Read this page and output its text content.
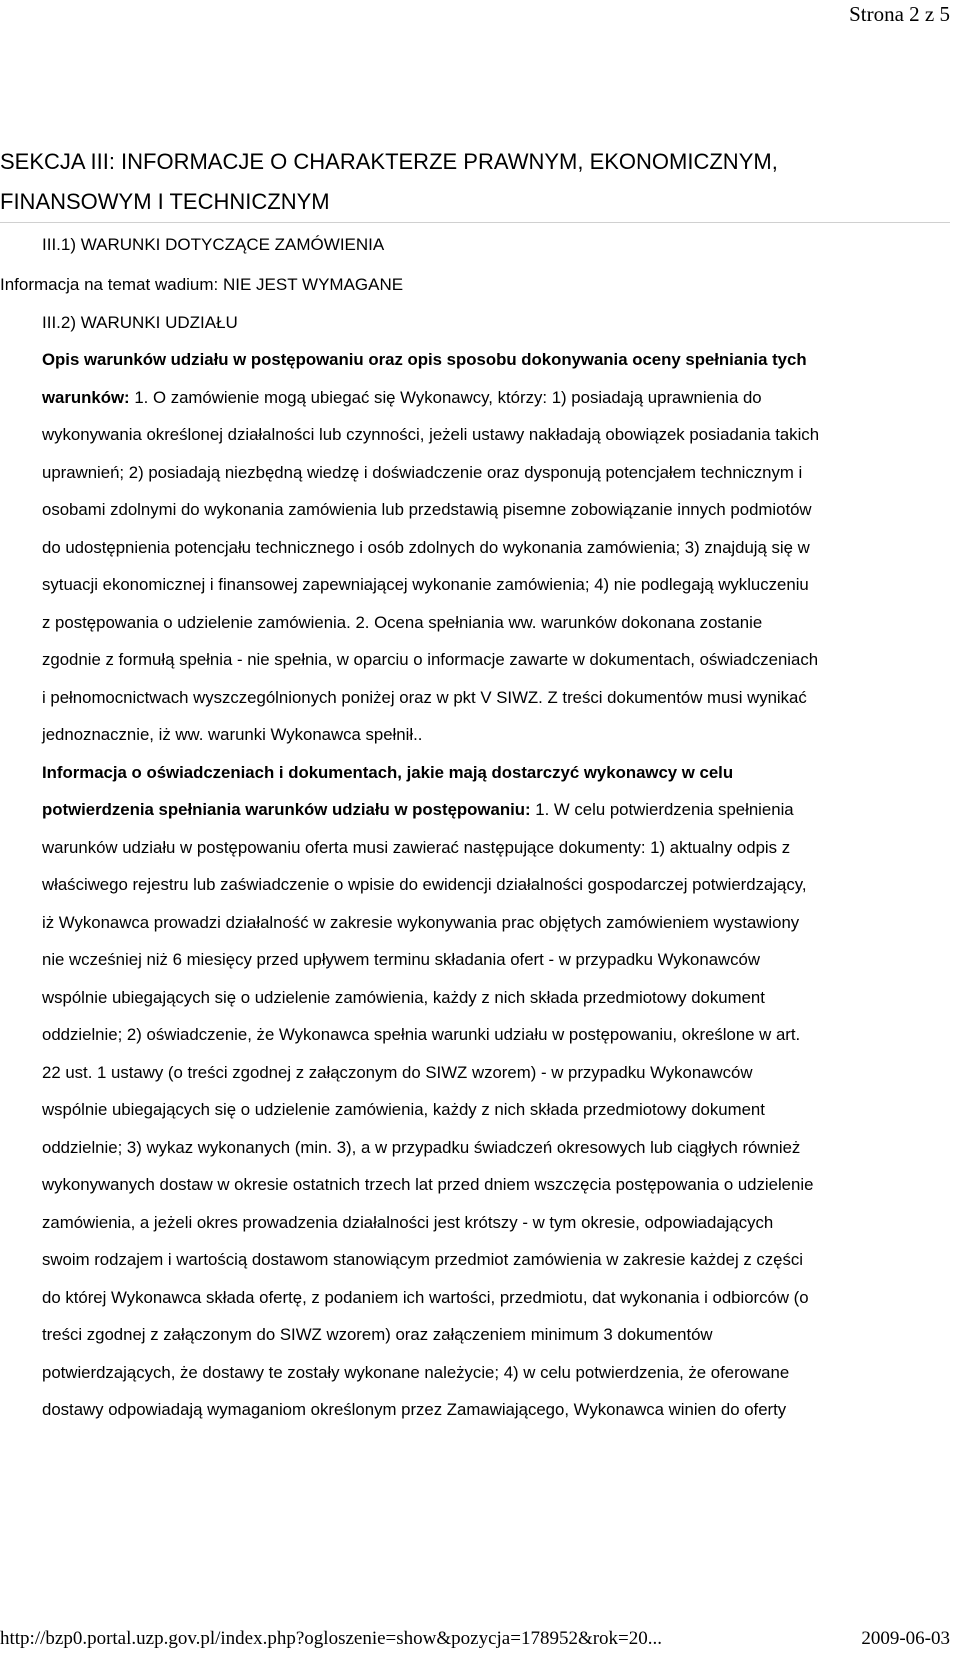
Strona 2 z 5
SEKCJA III: INFORMACJE O CHARAKTERZE PRAWNYM, EKONOMICZNYM,
FINANSOWYM I TECHNICZNYM
III.1) WARUNKI DOTYCZĄCE ZAMÓWIENIA
Informacja na temat wadium: NIE JEST WYMAGANE
III.2) WARUNKI UDZIAŁU
Opis warunków udziału w postępowaniu oraz opis sposobu dokonywania oceny spełniania tych
warunków: 1. O zamówienie mogą ubiegać się Wykonawcy, którzy: 1) posiadają uprawnienia do
wykonywania określonej działalności lub czynności, jeżeli ustawy nakładają obowiązek posiadania takich
uprawnień; 2) posiadają niezbędną wiedzę i doświadczenie oraz dysponują potencjałem technicznym i
osobami zdolnymi do wykonania zamówienia lub przedstawią pisemne zobowiązanie innych podmiotów
do udostępnienia potencjału technicznego i osób zdolnych do wykonania zamówienia; 3) znajdują się w
sytuacji ekonomicznej i finansowej zapewniającej wykonanie zamówienia; 4) nie podlegają wykluczeniu
z postępowania o udzielenie zamówienia. 2. Ocena spełniania ww. warunków dokonana zostanie
zgodnie z formułą spełnia - nie spełnia, w oparciu o informacje zawarte w dokumentach, oświadczeniach
i pełnomocnictwach wyszczególnionych poniżej oraz w pkt V SIWZ. Z treści dokumentów musi wynikać
jednoznacznie, iż ww. warunki Wykonawca spełnił..
Informacja o oświadczeniach i dokumentach, jakie mają dostarczyć wykonawcy w celu
potwierdzenia spełniania warunków udziału w postępowaniu: 1. W celu potwierdzenia spełnienia
warunków udziału w postępowaniu oferta musi zawierać następujące dokumenty: 1) aktualny odpis z
właściwego rejestru lub zaświadczenie o wpisie do ewidencji działalności gospodarczej potwierdzający,
iż Wykonawca prowadzi działalność w zakresie wykonywania prac objętych zamówieniem wystawiony
nie wcześniej niż 6 miesięcy przed upływem terminu składania ofert - w przypadku Wykonawców
wspólnie ubiegających się o udzielenie zamówienia, każdy z nich składa przedmiotowy dokument
oddzielnie; 2) oświadczenie, że Wykonawca spełnia warunki udziału w postępowaniu, określone w art.
22 ust. 1 ustawy (o treści zgodnej z załączonym do SIWZ wzorem) - w przypadku Wykonawców
wspólnie ubiegających się o udzielenie zamówienia, każdy z nich składa przedmiotowy dokument
oddzielnie; 3) wykaz wykonanych (min. 3), a w przypadku świadczeń okresowych lub ciągłych również
wykonywanych dostaw w okresie ostatnich trzech lat przed dniem wszczęcia postępowania o udzielenie
zamówienia, a jeżeli okres prowadzenia działalności jest krótszy - w tym okresie, odpowiadających
swoim rodzajem i wartością dostawom stanowiącym przedmiot zamówienia w zakresie każdej z części
do której Wykonawca składa ofertę, z podaniem ich wartości, przedmiotu, dat wykonania i odbiorców (o
treści zgodnej z załączonym do SIWZ wzorem) oraz załączeniem minimum 3 dokumentów
potwierdzających, że dostawy te zostały wykonane należycie; 4) w celu potwierdzenia, że oferowane
dostawy odpowiadają wymaganiom określonym przez Zamawiającego, Wykonawca winien do oferty
http://bzp0.portal.uzp.gov.pl/index.php?ogloszenie=show&pozycja=178952&rok=20...	2009-06-03
